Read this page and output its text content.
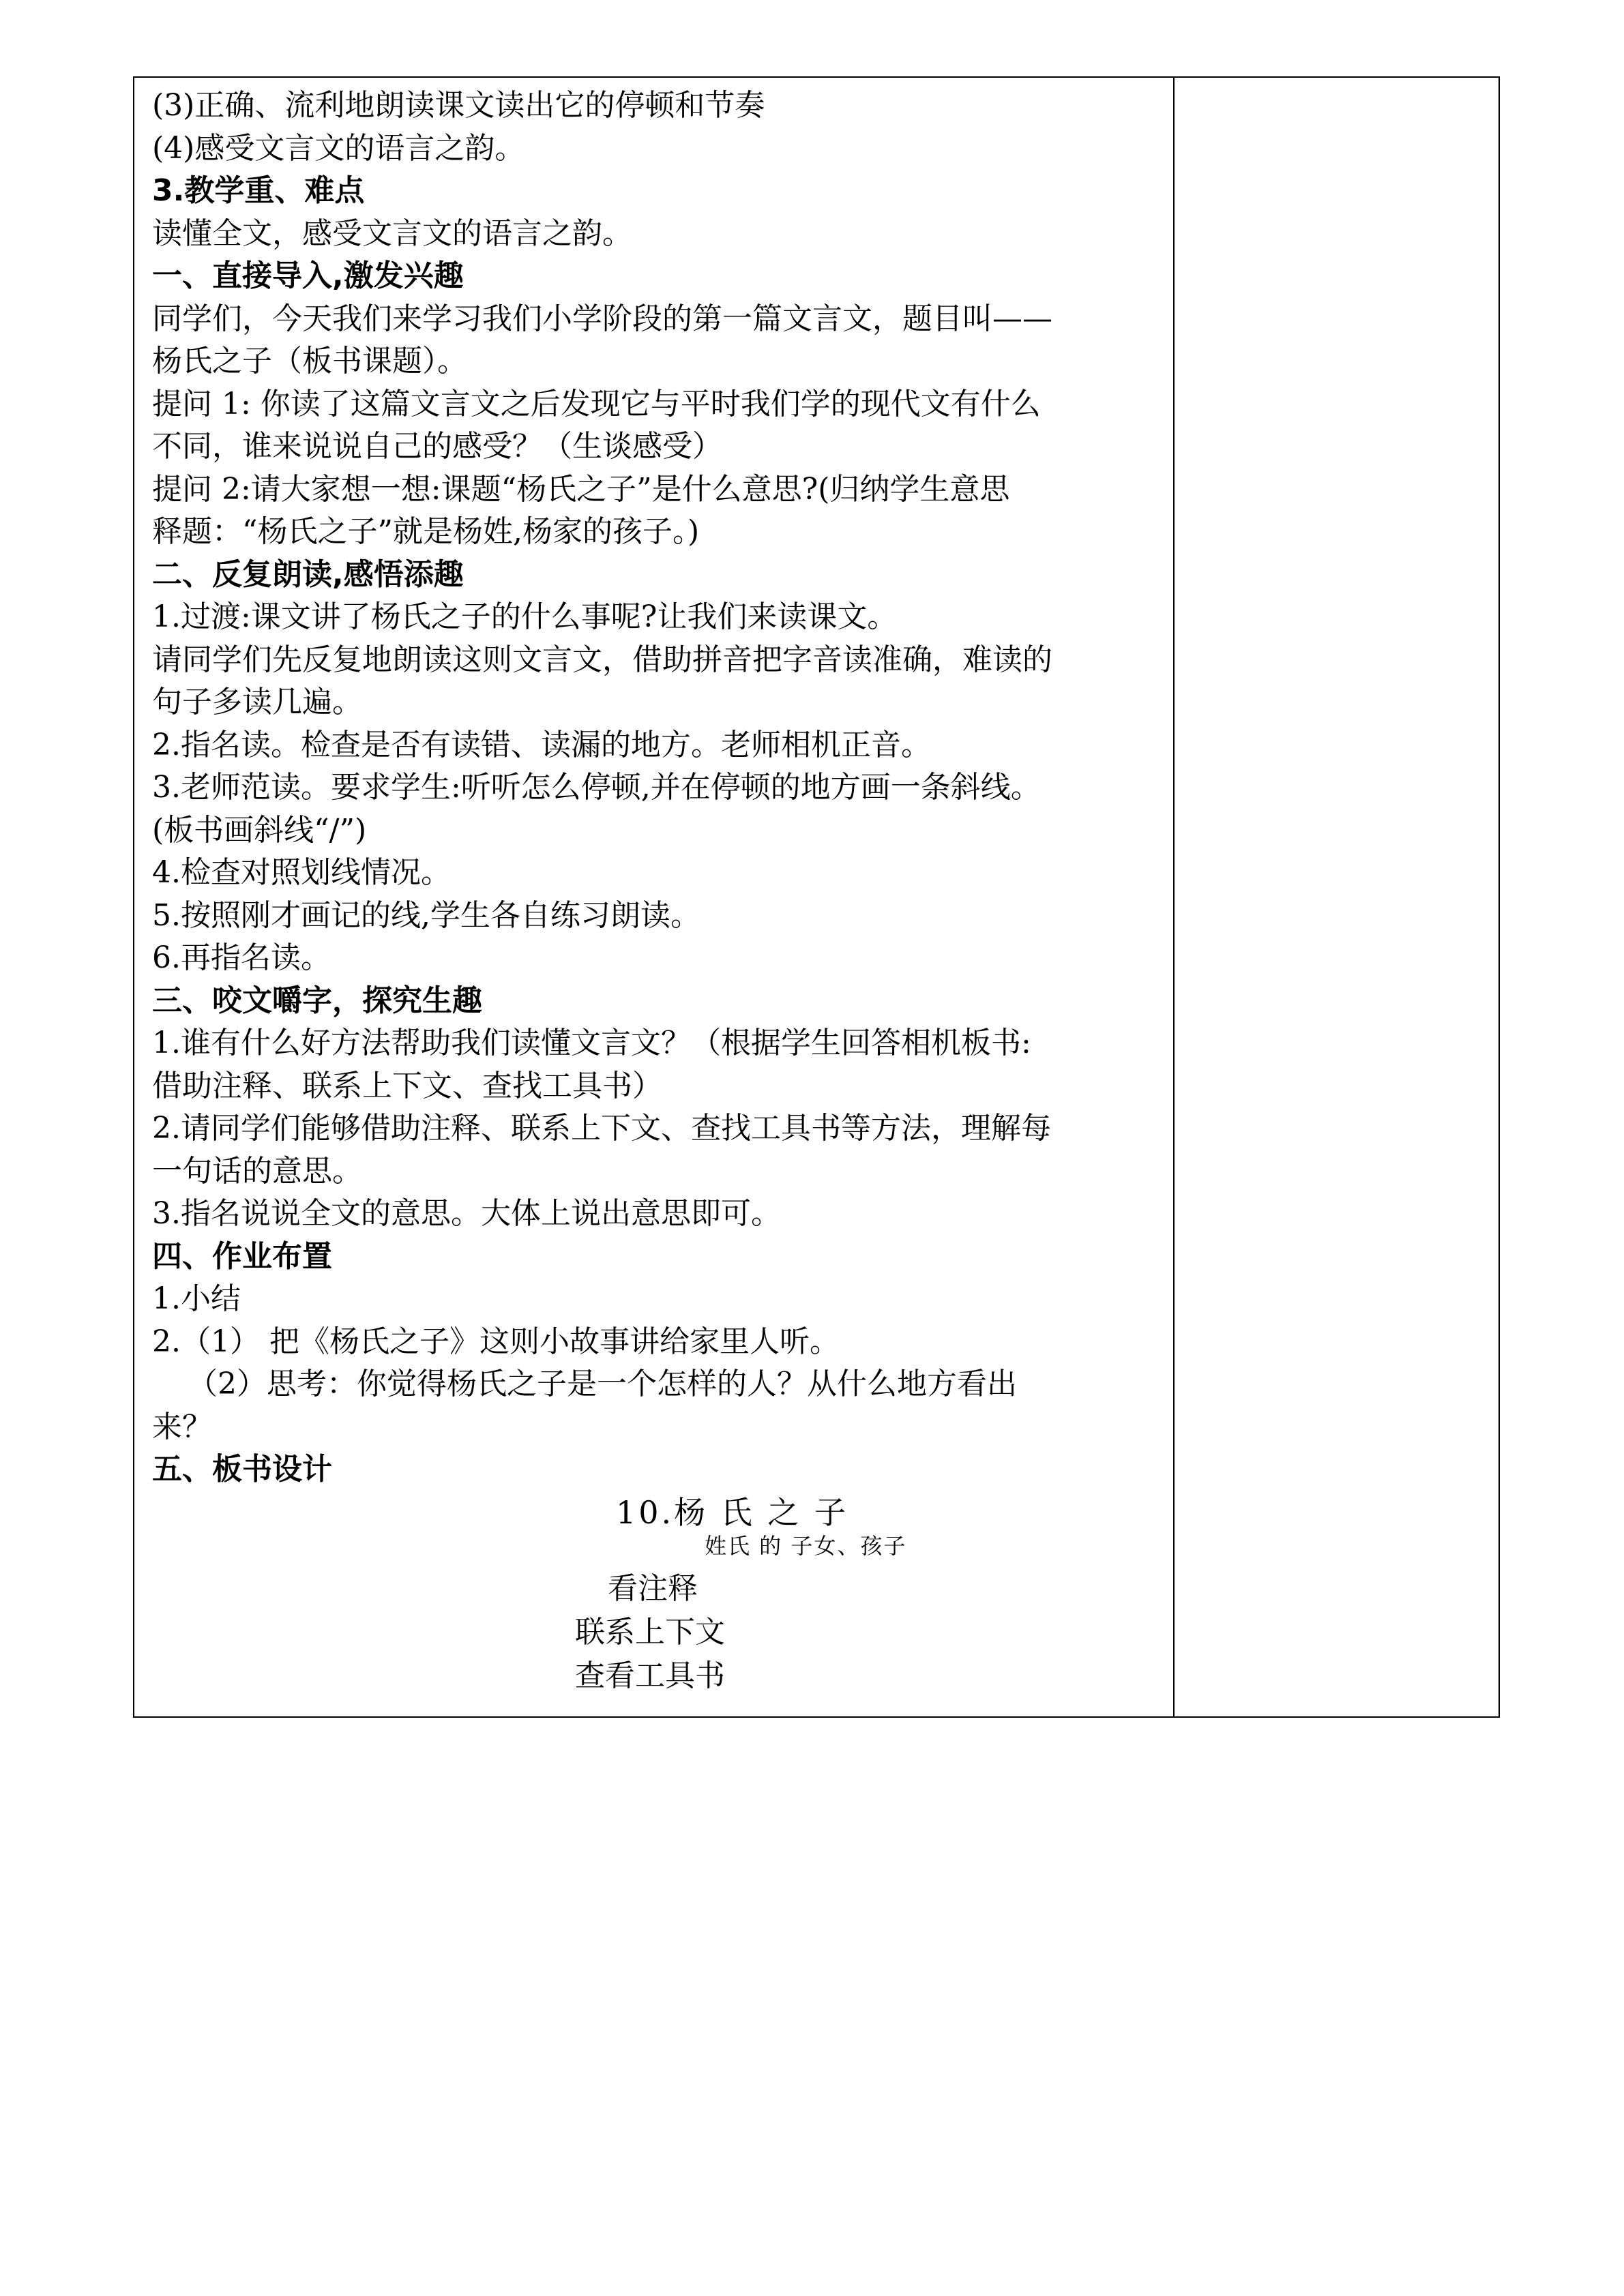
(3)正确、流利地朗读课文读出它的停顿和节奏
(4)感受文言文的语言之韵。
3.教学重、难点
读懂全文，感受文言文的语言之韵。
一、直接导入,激发兴趣
同学们，今天我们来学习我们小学阶段的第一篇文言文，题目叫——
杨氏之子（板书课题）。
提问 1: 你读了这篇文言文之后发现它与平时我们学的现代文有什么
不同，谁来说说自己的感受？（生谈感受）
提问 2:请大家想一想:课题“杨氏之子”是什么意思?(归纳学生意思
释题：“杨氏之子”就是杨姓,杨家的孩子。)
二、反复朗读,感悟添趣
1.过渡:课文讲了杨氏之子的什么事呢?让我们来读课文。
请同学们先反复地朗读这则文言文，借助拼音把字音读准确，难读的
句子多读几遍。
2.指名读。检查是否有读错、读漏的地方。老师相机正音。
3.老师范读。要求学生:听听怎么停顿,并在停顿的地方画一条斜线。
(板书画斜线“/”)
4.检查对照划线情况。
5.按照刚才画记的线,学生各自练习朗读。
6.再指名读。
三、咬文嚼字，探究生趣
1.谁有什么好方法帮助我们读懂文言文？（根据学生回答相机板书:
借助注释、联系上下文、查找工具书）
2.请同学们能够借助注释、联系上下文、查找工具书等方法，理解每
一句话的意思。
3.指名说说全文的意思。大体上说出意思即可。
四、作业布置
1.小结
2.（1） 把《杨氏之子》这则小故事讲给家里人听。
（2）思考：你觉得杨氏之子是一个怎样的人？从什么地方看出
来？
五、板书设计
10.杨 氏 之 子
姓氏 的 子女、孩子
看注释
联系上下文
查看工具书
